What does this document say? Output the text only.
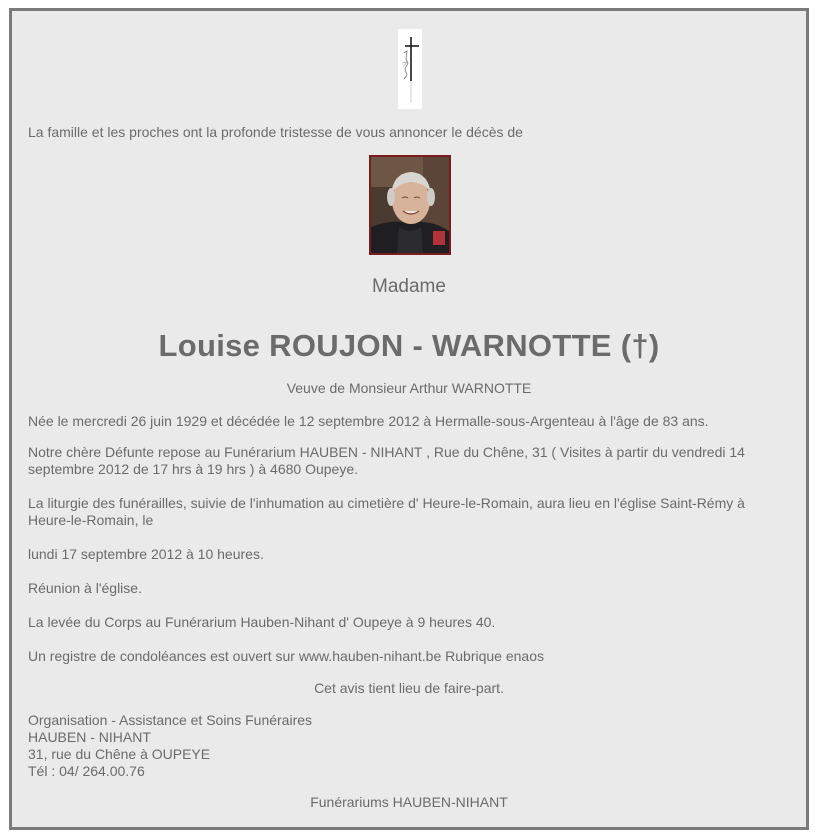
La famille et les proches ont la profonde tristesse de vous annoncer le décès de

Madame
Louise ROUJON - WARNOTTE (†)

Veuve de Monsieur Arthur WARNOTTE

Née le mercredi 26 juin 1929 et décédée le 12 septembre 2012 à Hermalle-sous-Argenteau à l'âge de 83 ans.

Notre chère Défunte repose au Funérarium HAUBEN - NIHANT , Rue du Chêne, 31 ( Visites à partir du vendredi 14 septembre 2012 de 17 hrs à 19 hrs ) à 4680 Oupeye.

La liturgie des funérailles, suivie de l'inhumation au cimetière d' Heure-le-Romain, aura lieu en l'église Saint-Rémy à Heure-le-Romain, le

lundi 17 septembre 2012 à 10 heures.

Réunion à l'église.

La levée du Corps au Funérarium Hauben-Nihant d' Oupeye à 9 heures 40.

Un registre de condoléances est ouvert sur www.hauben-nihant.be Rubrique enaos

Cet avis tient lieu de faire-part.

Organisation - Assistance et Soins Funéraires
HAUBEN - NIHANT
31, rue du Chêne à OUPEYE
Tél : 04/ 264.00.76

Funérariums HAUBEN-NIHANT
